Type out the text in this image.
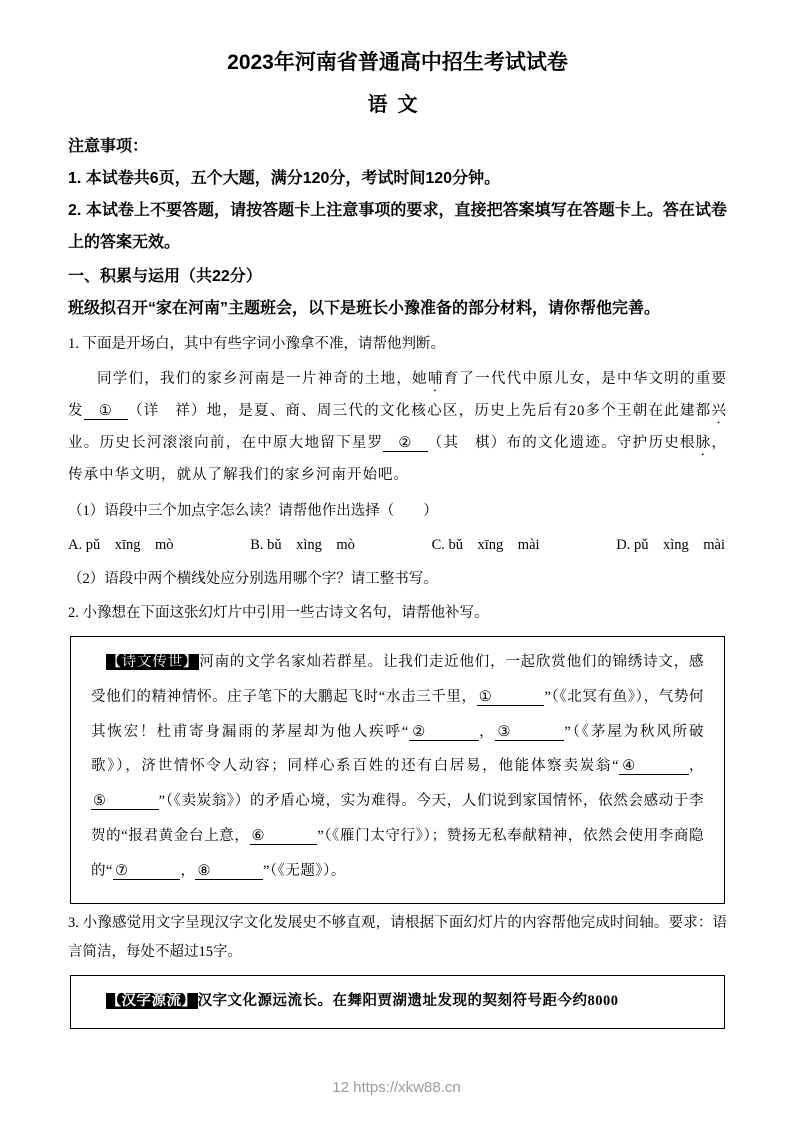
2023年河南省普通高中招生考试试卷
语文

注意事项：

1. 本试卷共6页，五个大题，满分120分，考试时间120分钟。

2. 本试卷上不要答题，请按答题卡上注意事项的要求，直接把答案填写在答题卡上。答在试卷上的答案无效。

一、积累与运用（共22分）

班级拟召开“家在河南”主题班会，以下是班长小豫准备的部分材料，请你帮他完善。

1. 下面是开场白，其中有些字词小豫拿不准，请帮他判断。

同学们，我们的家乡河南是一片神奇的土地，她哺育了一代代中原儿女，是中华文明的重要发 ① （详　祥）地，是夏、商、周三代的文化核心区，历史上先后有20多个王朝在此建都兴业。历史长河滚滚向前，在中原大地留下星罗 ② （其　棋）布的文化遗迹。守护历史根脉，传承中华文明，就从了解我们的家乡河南开始吧。

（1）语段中三个加点字怎么读？请帮他作出选择（　　）

A. pǔ　xīng　mò	B. bǔ　xìng　mò	C. bǔ　xīng　mài	D. pǔ　xìng　mài

（2）语段中两个横线处应分别选用哪个字？请工整书写。

2. 小豫想在下面这张幻灯片中引用一些古诗文名句，请帮他补写。

【诗文传世】河南的文学名家灿若群星。让我们走近他们，一起欣赏他们的锦绣诗文，感受他们的精神情怀。庄子笔下的大鹏起飞时“水击三千里， ①	”（《北冥有鱼》），气势何其恢宏！杜甫寄身漏雨的茅屋却为他人疾呼“ ②	， ③	”（《茅屋为秋风所破歌》），济世情怀令人动容；同样心系百姓的还有白居易，他能体察卖炭翁“ ④	，⑤	”（《卖炭翁》）的矛盾心境，实为难得。今天，人们说到家国情怀，依然会感动于李贺的“报君黄金台上意， ⑥	”（《雁门太守行》）；赞扬无私奉献精神，依然会使用李商隐的“ ⑦	， ⑧	”（《无题》）。

3. 小豫感觉用文字呈现汉字文化发展史不够直观，请根据下面幻灯片的内容帮他完成时间轴。要求：语言简洁，每处不超过15字。

【汉字源流】汉字文化源远流长。在舞阳贾湖遗址发现的契刻符号距今约8000

12 https://xkw88.cn
